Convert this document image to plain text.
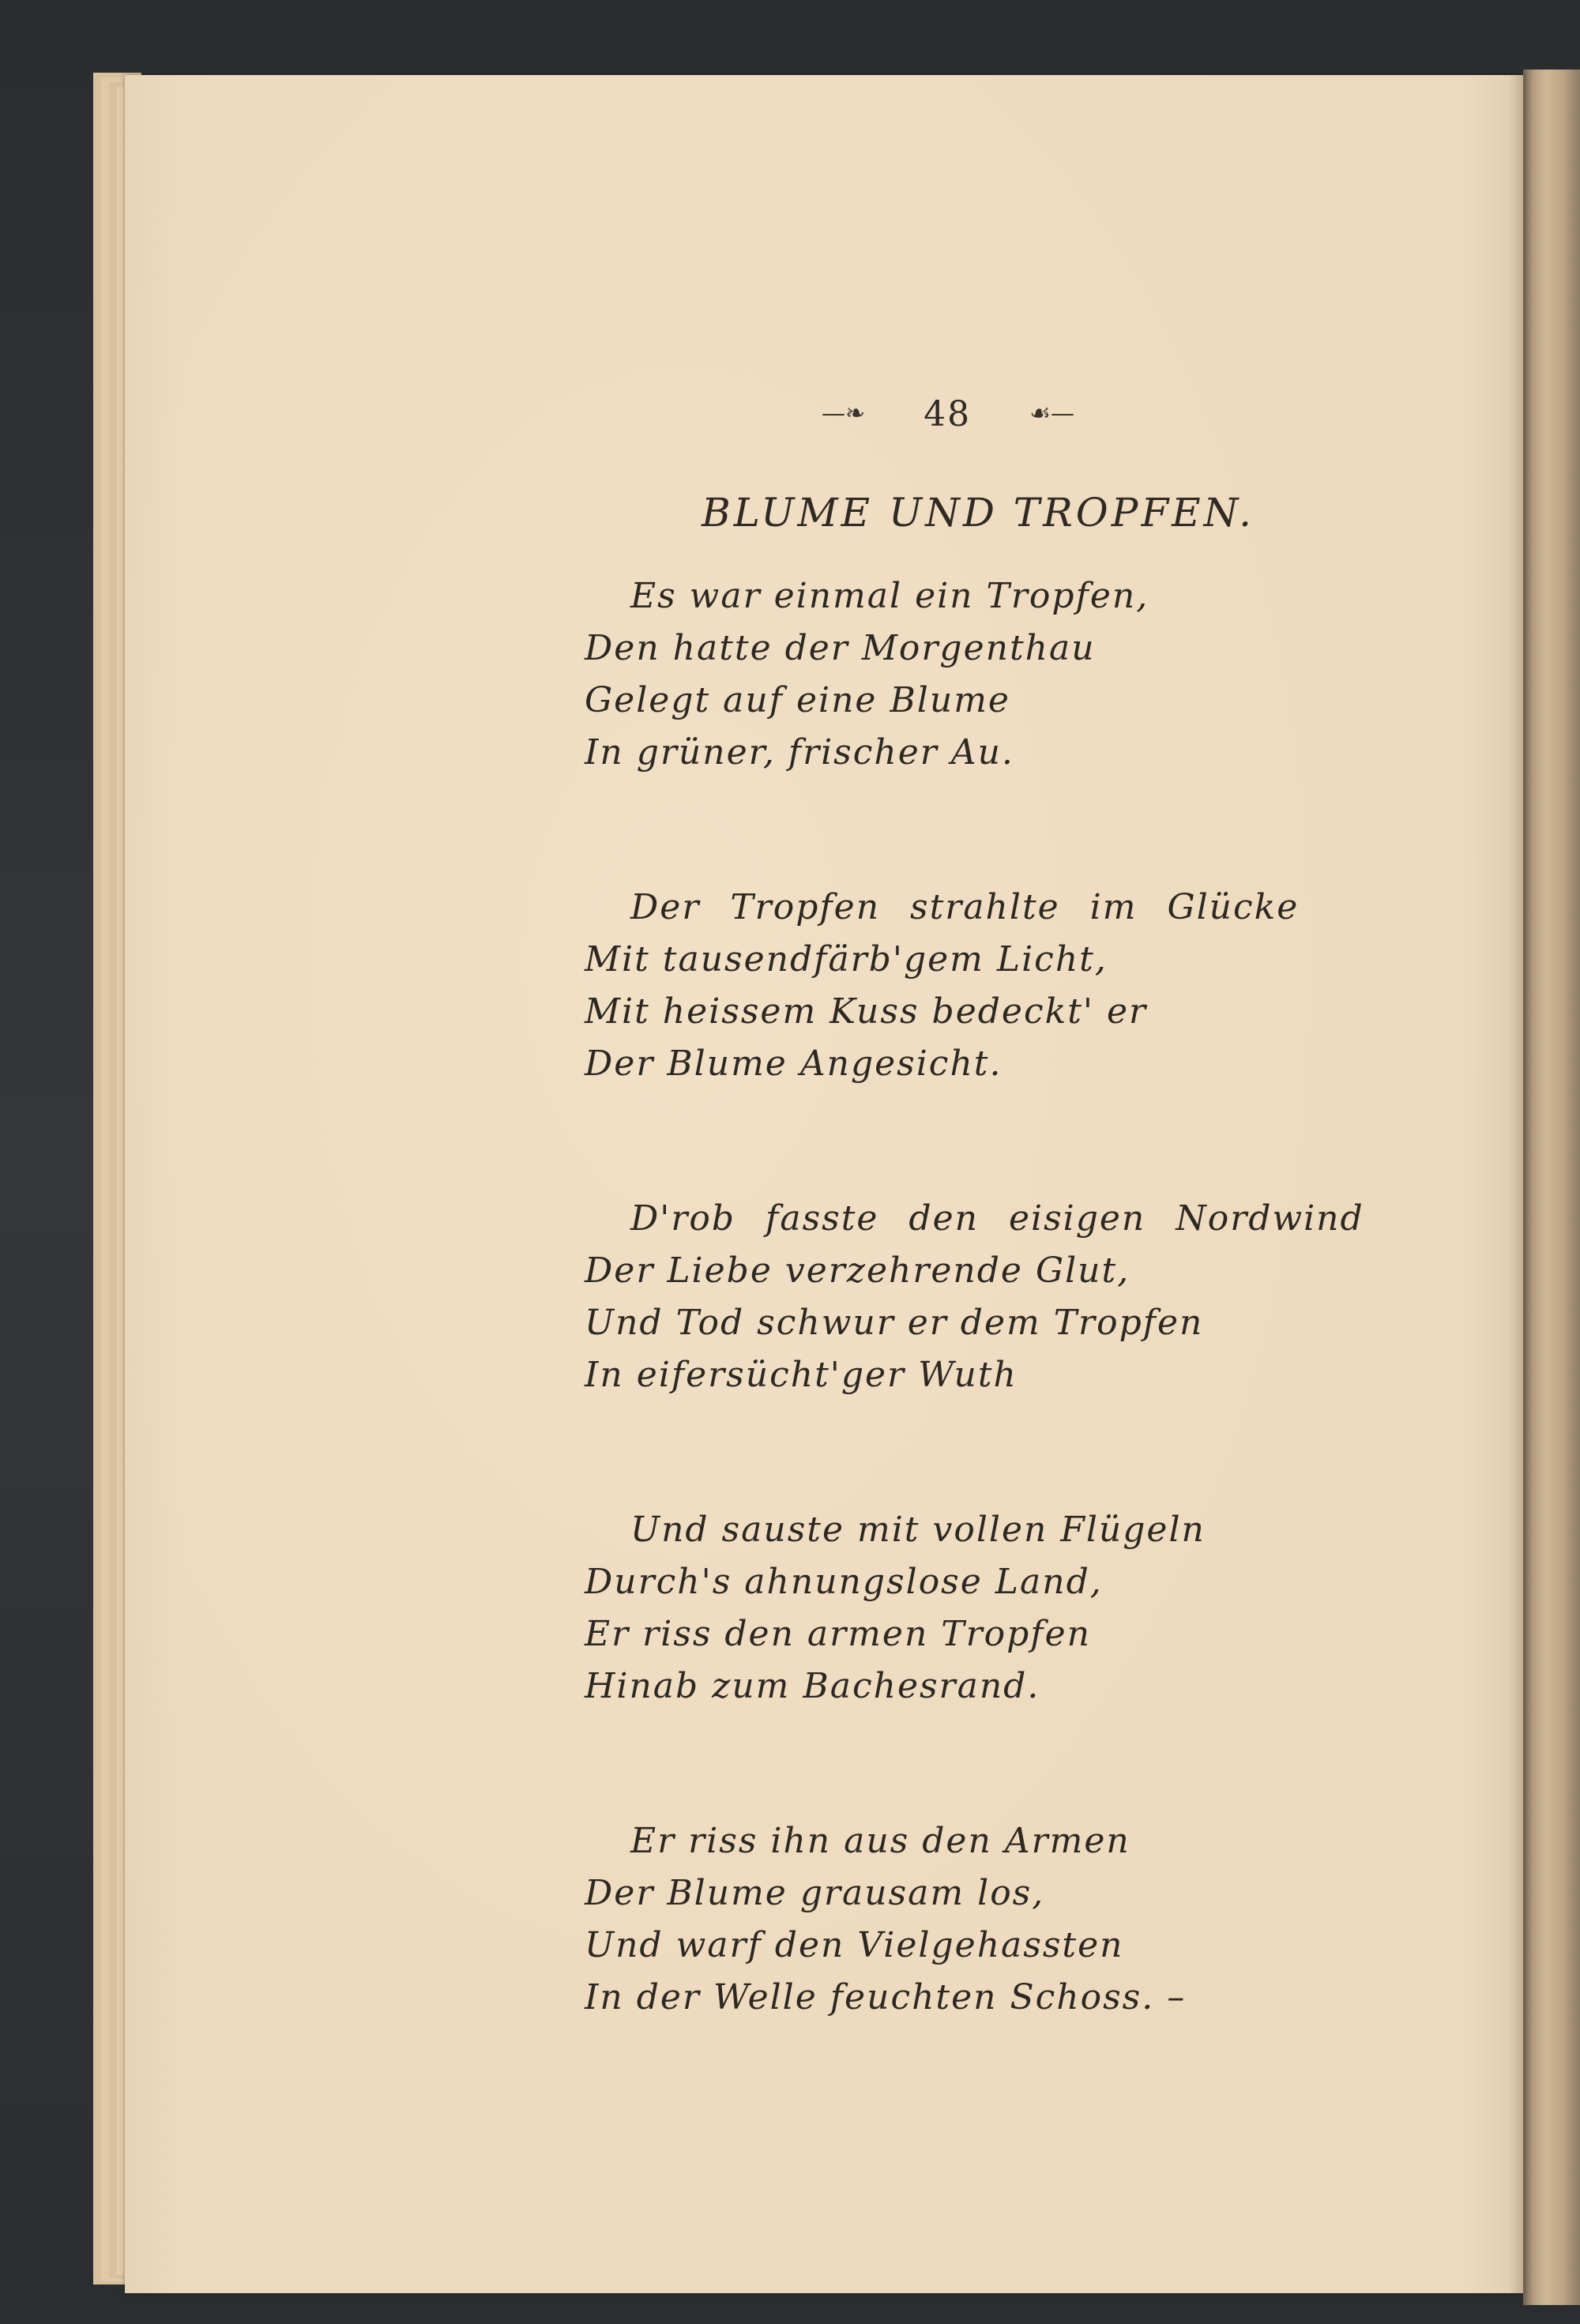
—❧ 48 ☙—
BLUME UND TROPFEN.
Es war einmal ein Tropfen,
Den hatte der Morgenthau
Gelegt auf eine Blume
In grüner, frischer Au.
Der Tropfen strahlte im Glücke
Mit tausendfärb'gem Licht,
Mit heissem Kuss bedeckt' er
Der Blume Angesicht.
D'rob fasste den eisigen Nordwind
Der Liebe verzehrende Glut,
Und Tod schwur er dem Tropfen
In eifersücht'ger Wuth
Und sauste mit vollen Flügeln
Durch's ahnungslose Land,
Er riss den armen Tropfen
Hinab zum Bachesrand.
Er riss ihn aus den Armen
Der Blume grausam los,
Und warf den Vielgehassten
In der Welle feuchten Schoss. –
